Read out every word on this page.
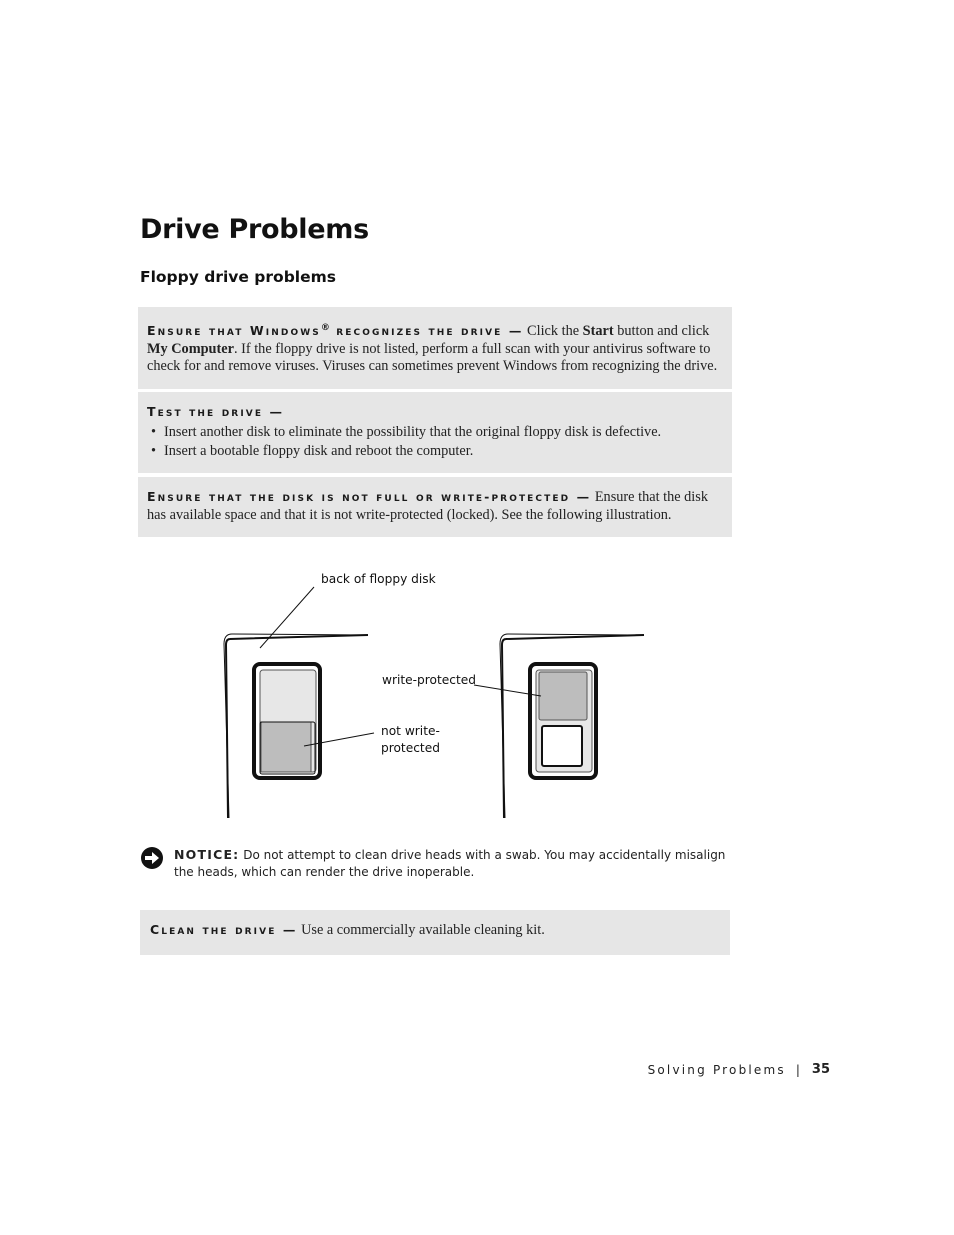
Drive Problems
Floppy drive problems
Ensure that Windows® recognizes the drive — Click the Start button and click My Computer. If the floppy drive is not listed, perform a full scan with your antivirus software to check for and remove viruses. Viruses can sometimes prevent Windows from recognizing the drive.
Test the drive —
• Insert another disk to eliminate the possibility that the original floppy disk is defective.
• Insert a bootable floppy disk and reboot the computer.
Ensure that the disk is not full or write-protected — Ensure that the disk has available space and that it is not write-protected (locked). See the following illustration.

back of floppy disk

write-protected

not write-
protected

NOTICE: Do not attempt to clean drive heads with a swab. You may accidentally misalign the heads, which can render the drive inoperable.
Clean the drive — Use a commercially available cleaning kit.
Solving Problems | 35
